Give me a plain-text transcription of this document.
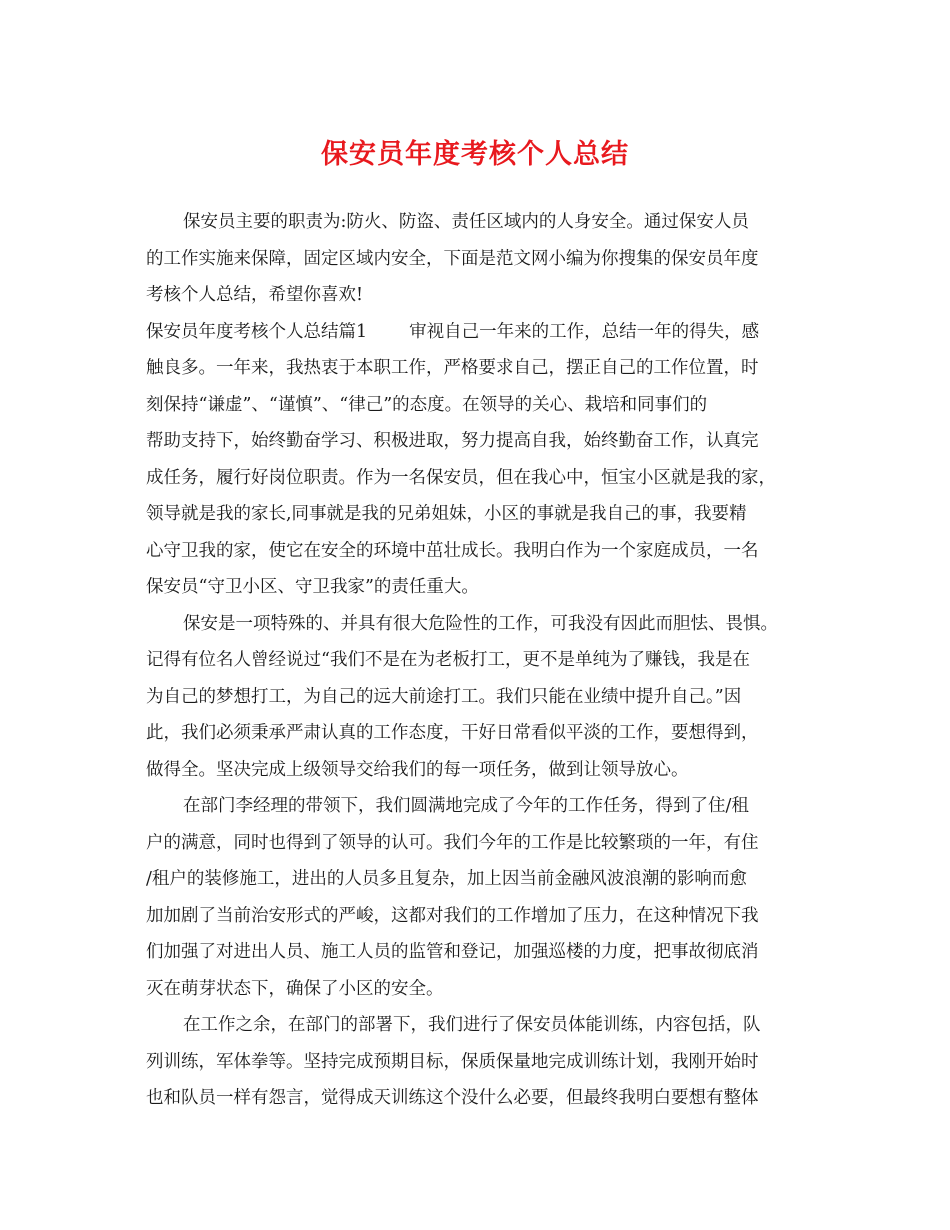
保安员年度考核个人总结
保安员主要的职责为:防火、防盗、责任区域内的人身安全。通过保安人员
的工作实施来保障，固定区域内安全，下面是范文网小编为你搜集的保安员年度
考核个人总结，希望你喜欢!
保安员年度考核个人总结篇1 审视自己一年来的工作，总结一年的得失，感
触良多。一年来，我热衷于本职工作，严格要求自己，摆正自己的工作位置，时
刻保持“谦虚”、“谨慎”、“律己”的态度。在领导的关心、栽培和同事们的
帮助支持下，始终勤奋学习、积极进取，努力提高自我，始终勤奋工作，认真完
成任务，履行好岗位职责。作为一名保安员，但在我心中，恒宝小区就是我的家，
领导就是我的家长,同事就是我的兄弟姐妹，小区的事就是我自己的事，我要精
心守卫我的家，使它在安全的环境中茁壮成长。我明白作为一个家庭成员，一名
保安员“守卫小区、守卫我家”的责任重大。
保安是一项特殊的、并具有很大危险性的工作，可我没有因此而胆怯、畏惧。
记得有位名人曾经说过“我们不是在为老板打工，更不是单纯为了赚钱，我是在
为自己的梦想打工，为自己的远大前途打工。我们只能在业绩中提升自己。”因
此，我们必须秉承严肃认真的工作态度，干好日常看似平淡的工作，要想得到，
做得全。坚决完成上级领导交给我们的每一项任务，做到让领导放心。
在部门李经理的带领下，我们圆满地完成了今年的工作任务，得到了住/租
户的满意，同时也得到了领导的认可。我们今年的工作是比较繁琐的一年，有住
/租户的装修施工，进出的人员多且复杂，加上因当前金融风波浪潮的影响而愈
加加剧了当前治安形式的严峻，这都对我们的工作增加了压力，在这种情况下我
们加强了对进出人员、施工人员的监管和登记，加强巡楼的力度，把事故彻底消
灭在萌芽状态下，确保了小区的安全。
在工作之余，在部门的部署下，我们进行了保安员体能训练，内容包括，队
列训练，军体拳等。坚持完成预期目标，保质保量地完成训练计划，我刚开始时
也和队员一样有怨言，觉得成天训练这个没什么必要，但最终我明白要想有整体
